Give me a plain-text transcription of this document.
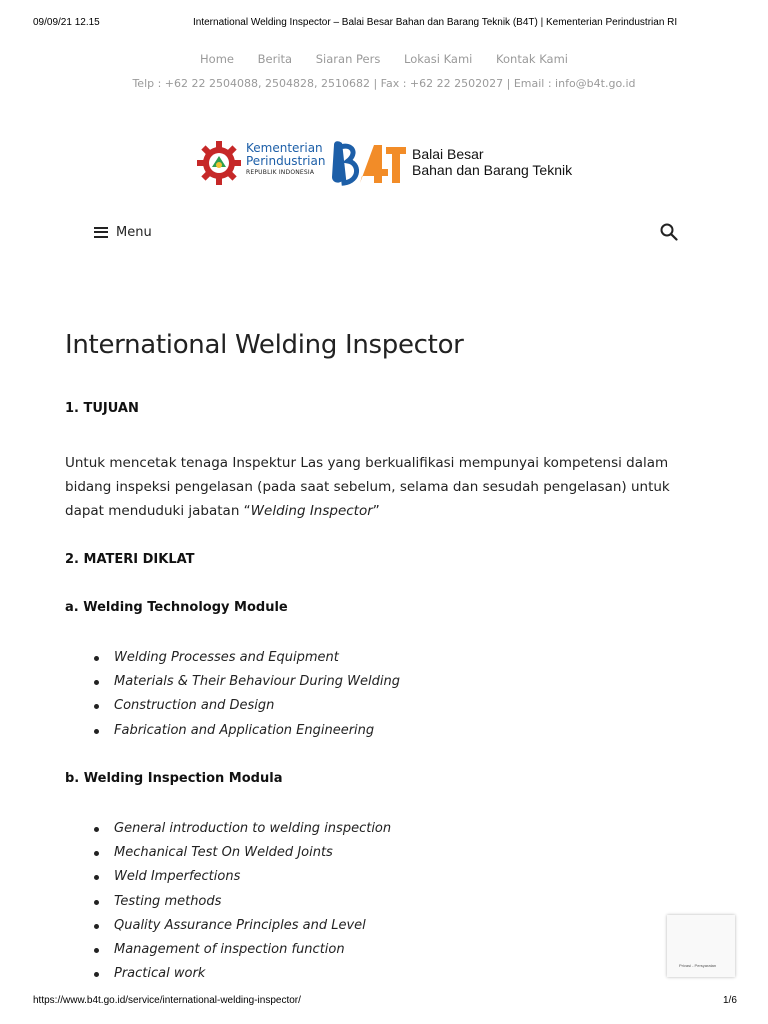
09/09/21 12.15	International Welding Inspector – Balai Besar Bahan dan Barang Teknik (B4T) | Kementerian Perindustrian RI
Home Berita Siaran Pers Lokasi Kami Kontak Kami
Telp : +62 22 2504088, 2504828, 2510682 | Fax : +62 22 2502027 | Email : info@b4t.go.id
Kementerian
Perindustrian
REPUBLIK INDONESIA
Balai Besar
Bahan dan Barang Teknik
Menu
International Welding Inspector
1. TUJUAN

Untuk mencetak tenaga Inspektur Las yang berkualifikasi mempunyai kompetensi dalam bidang inspeksi pengelasan (pada saat sebelum, selama dan sesudah pengelasan) untuk dapat menduduki jabatan “Welding Inspector”

2. MATERI DIKLAT
a. Welding Technology Module
Welding Processes and Equipment
Materials & Their Behaviour During Welding
Construction and Design
Fabrication and Application Engineering
b. Welding Inspection Modula
General introduction to welding inspection
Mechanical Test On Welded Joints
Weld Imperfections
Testing methods
Quality Assurance Principles and Level
Management of inspection function
Practical work
Privasi - Persyaratan
https://www.b4t.go.id/service/international-welding-inspector/	1/6
